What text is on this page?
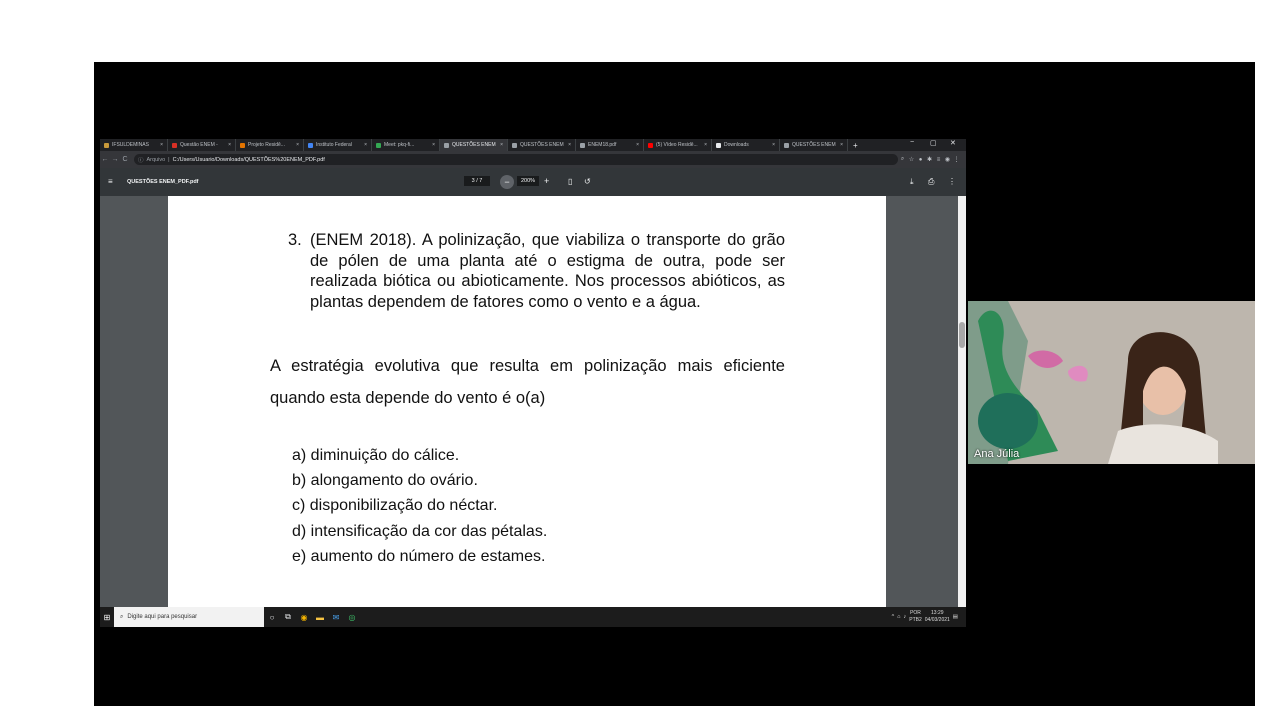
IFSULDEMINAS	×	Questão ENEM -	×	Projeto Residê...	×	Instituto Federal	×	Meet: pkq-fi...	×	QUESTÕES ENEM ×	QUESTÕES ENEM ×	ENEM18.pdf	×	(5) Vídeo Residê...	×	Downloads	×	QUESTÕES ENEM ×	+	− ▢ ✕
← → C	ⓘ Arquivo | C:/Users/Usuario/Downloads/QUESTÕES%20ENEM_PDF.pdf	⌕ ☆ ● ✱ ≡ ◉ ⋮
≡	QUESTÕES ENEM_PDF.pdf	3 / 7	−	200% + ▯ ↺	⤓ ⎙ ⋮
3. (ENEM 2018). A polinização, que viabiliza o transporte do grão de pólen de uma planta até o estigma de outra, pode ser realizada biótica ou abioticamente. Nos processos abióticos, as plantas dependem de fatores como o vento e a água.
A estratégia evolutiva que resulta em polinização mais eficiente quando esta depende do vento é o(a)
a) diminuição do cálice.
b) alongamento do ovário.
c) disponibilização do néctar.
d) intensificação da cor das pétalas.
e) aumento do número de estames.
⊞	⌕ Digite aqui para pesquisar	○	⧉	◉	▬	✉	◎	^ ⌂ ♪
POR
PTB2
13:29
04/03/2021 ▤
Ana Júlia
